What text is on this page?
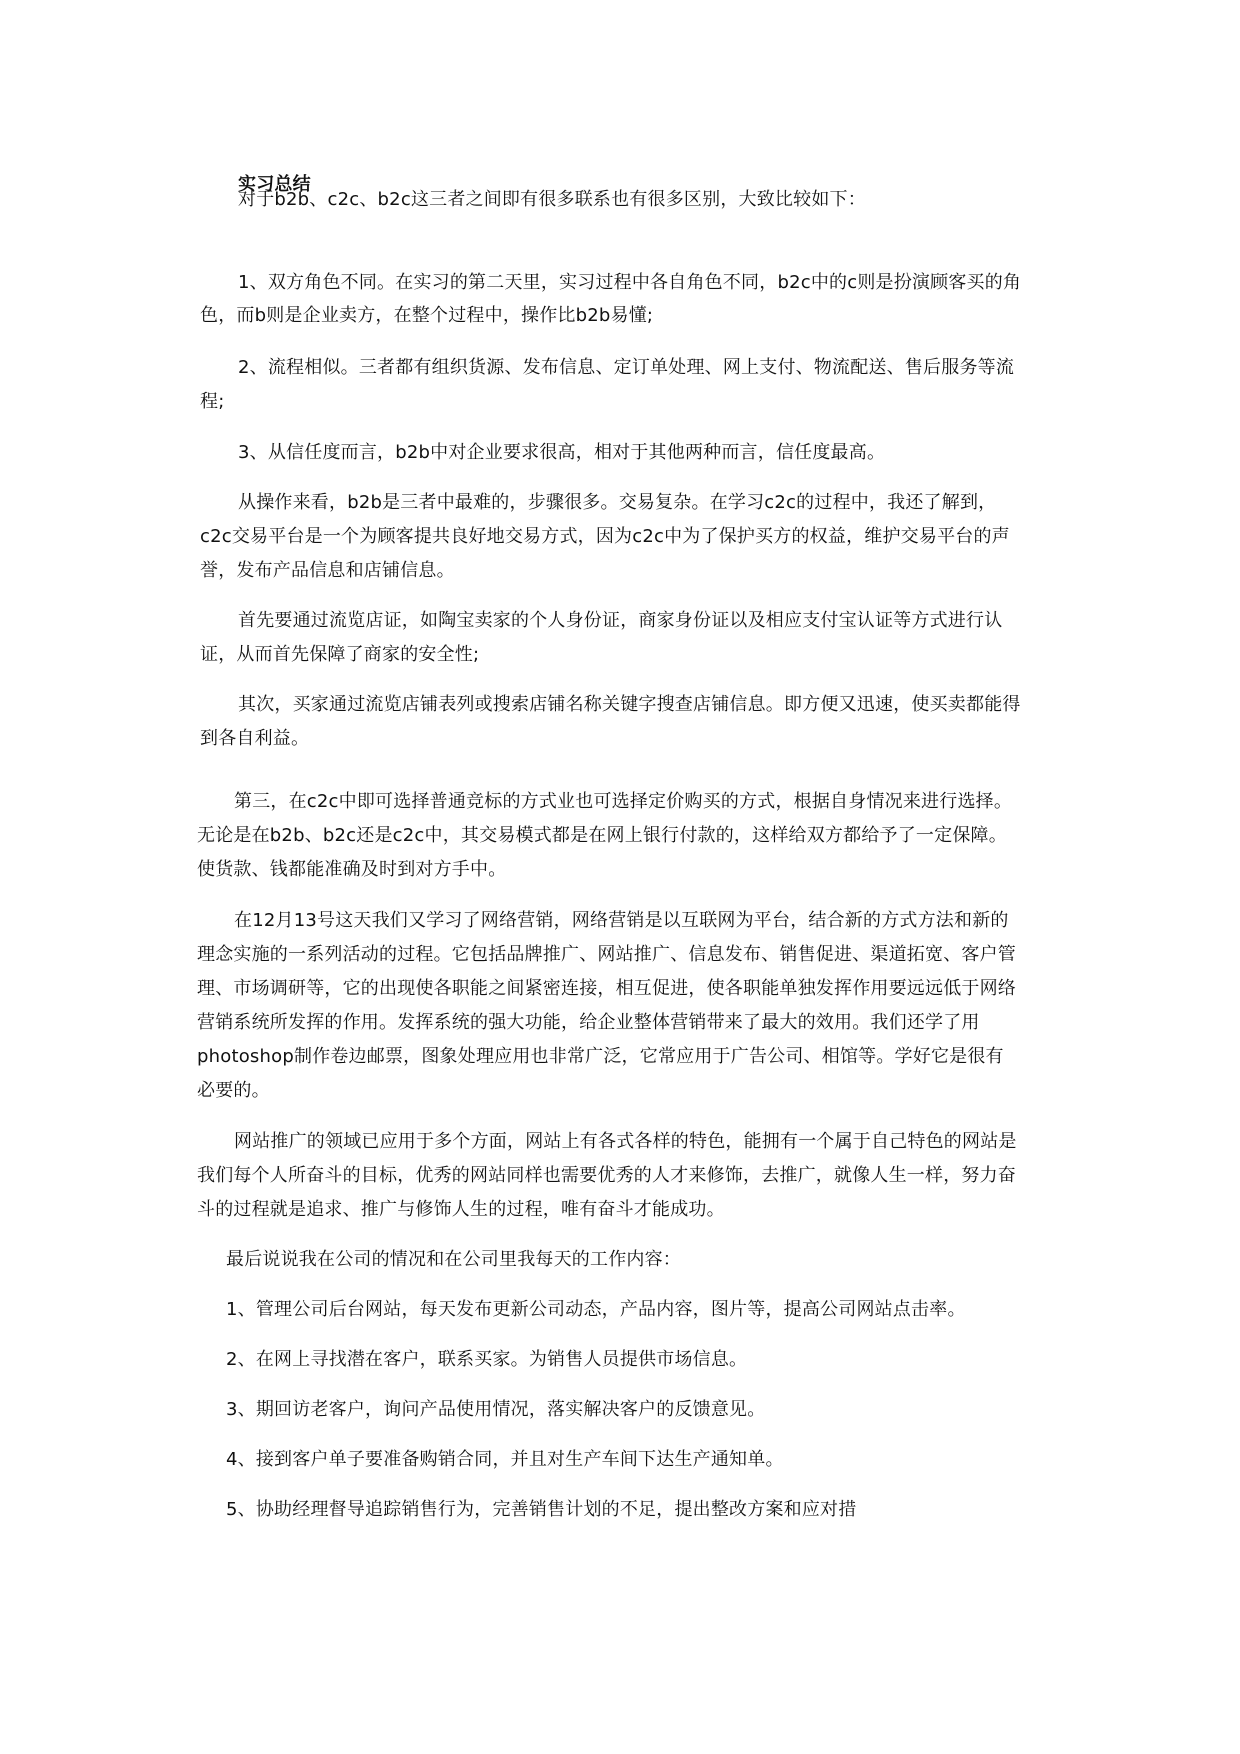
实习总结
对于b2b、c2c、b2c这三者之间即有很多联系也有很多区别，大致比较如下：
1、双方角色不同。在实习的第二天里，实习过程中各自角色不同，b2c中的c则是扮演顾客买的角
色，而b则是企业卖方，在整个过程中，操作比b2b易懂;
2、流程相似。三者都有组织货源、发布信息、定订单处理、网上支付、物流配送、售后服务等流
程;
3、从信任度而言，b2b中对企业要求很高，相对于其他两种而言，信任度最高。
从操作来看，b2b是三者中最难的，步骤很多。交易复杂。在学习c2c的过程中，我还了解到，
c2c交易平台是一个为顾客提共良好地交易方式，因为c2c中为了保护买方的权益，维护交易平台的声
誉，发布产品信息和店铺信息。
首先要通过流览店证，如陶宝卖家的个人身份证，商家身份证以及相应支付宝认证等方式进行认
证，从而首先保障了商家的安全性;
其次，买家通过流览店铺表列或搜索店铺名称关键字搜查店铺信息。即方便又迅速，使买卖都能得
到各自利益。
第三，在c2c中即可选择普通竞标的方式业也可选择定价购买的方式，根据自身情况来进行选择。
无论是在b2b、b2c还是c2c中，其交易模式都是在网上银行付款的，这样给双方都给予了一定保障。
使货款、钱都能准确及时到对方手中。
在12月13号这天我们又学习了网络营销，网络营销是以互联网为平台，结合新的方式方法和新的
理念实施的一系列活动的过程。它包括品牌推广、网站推广、信息发布、销售促进、渠道拓宽、客户管
理、市场调研等，它的出现使各职能之间紧密连接，相互促进，使各职能单独发挥作用要远远低于网络
营销系统所发挥的作用。发挥系统的强大功能，给企业整体营销带来了最大的效用。我们还学了用
photoshop制作卷边邮票，图象处理应用也非常广泛，它常应用于广告公司、相馆等。学好它是很有
必要的。
网站推广的领域已应用于多个方面，网站上有各式各样的特色，能拥有一个属于自己特色的网站是
我们每个人所奋斗的目标，优秀的网站同样也需要优秀的人才来修饰，去推广，就像人生一样，努力奋
斗的过程就是追求、推广与修饰人生的过程，唯有奋斗才能成功。
最后说说我在公司的情况和在公司里我每天的工作内容：
1、管理公司后台网站，每天发布更新公司动态，产品内容，图片等，提高公司网站点击率。
2、在网上寻找潜在客户，联系买家。为销售人员提供市场信息。
3、期回访老客户，询问产品使用情况，落实解决客户的反馈意见。
4、接到客户单子要准备购销合同，并且对生产车间下达生产通知单。
5、协助经理督导追踪销售行为，完善销售计划的不足，提出整改方案和应对措
